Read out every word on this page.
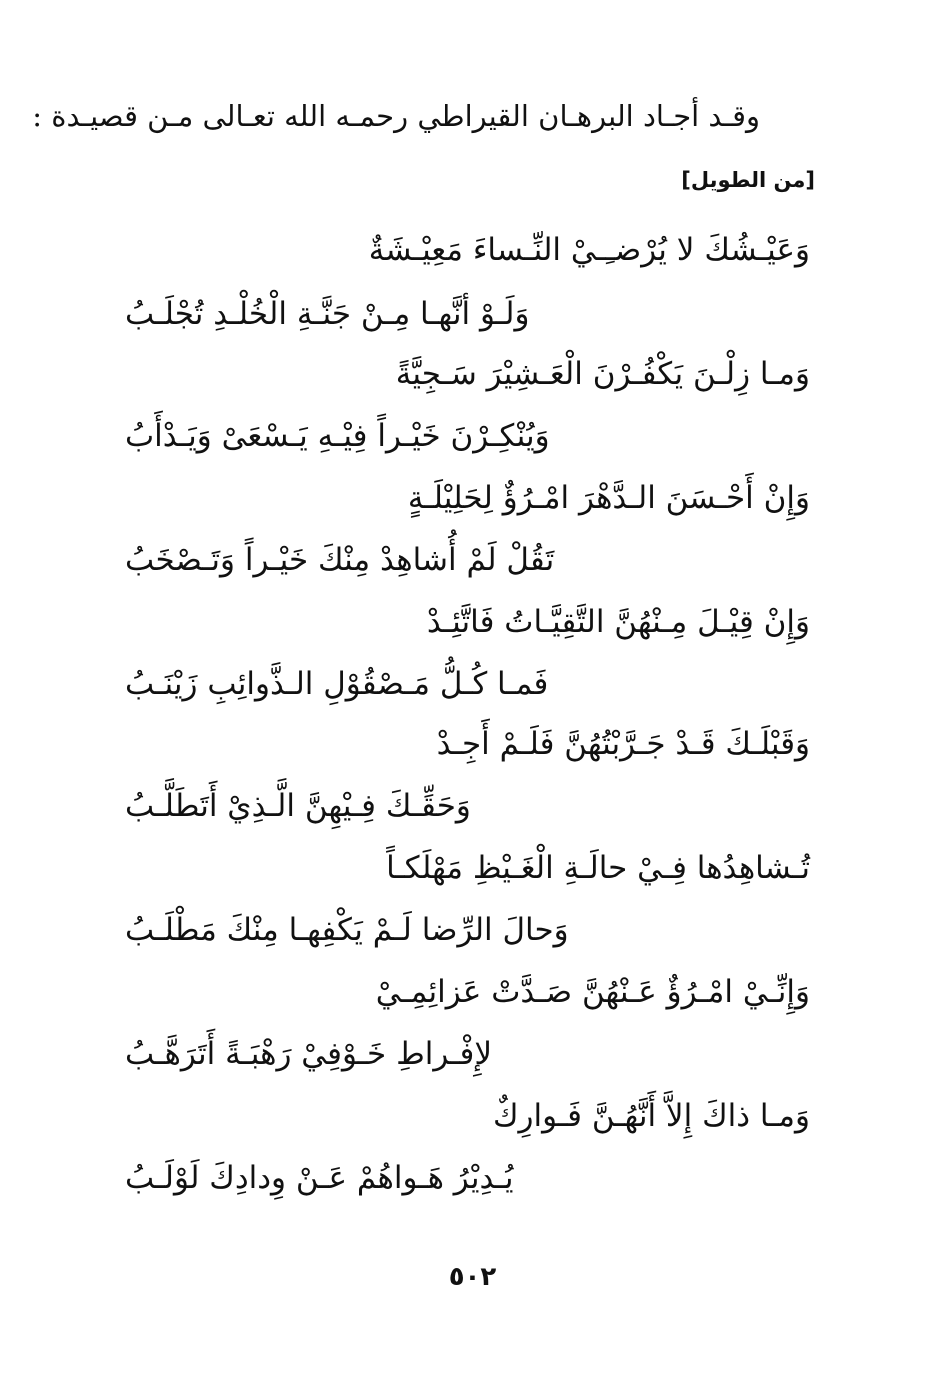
وقـد أجـاد البرهـان القيراطي رحمـه الله تعـالى مـن قصيـدة :
[من الطويل]
وَعَيْـشُكَ لا يُرْضـِـيْ النِّـساءَ مَعِيْـشَةٌ
وَلَـوْ أنَّهـا مِـنْ جَنَّـةِ الْخُلْـدِ تُجْلَـبُ
وَمـا زِلْـنَ يَكْفُـرْنَ الْعَـشِيْرَ سَـجِيَّةً
وَيُنْكِـرْنَ خَيْـراً فِيْـهِ يَـسْعَىْ وَيَـدْأَبُ
وَإِنْ أَحْـسَنَ الـدَّهْرَ امْـرُؤٌ لِحَلِيْلَـةٍ
تَقُلْ لَمْ أُشاهِدْ مِنْكَ خَيْـراً وَتَـصْخَبُ
وَإِنْ قِيْـلَ مِـنْهُنَّ التَّقِيَّـاتُ فَاتَّئِـدْ
فَمـا كُـلُّ مَـصْقُوْلِ الـذَّوائِبِ زَيْنَـبُ
وَقَبْلَـكَ قَـدْ جَـرَّبْتُهُنَّ فَلَـمْ أَجِـدْ
وَحَقِّـكَ فِـيْهِنَّ الَّـذِيْ أَتَطَلَّـبُ
تُـشاهِدُها فِـيْ حالَـةِ الْغَـيْظِ مَهْلَكـاً
وَحالَ الرِّضا لَـمْ يَكْفِهـا مِنْكَ مَطْلَـبُ
وَإِنِّـيْ امْـرُؤٌ عَـنْهُنَّ صَـدَّتْ عَزائِمِـيْ
لإِفْـراطِ خَـوْفِيْ رَهْبَـةً أَتَرَهَّـبُ
وَمـا ذاكَ إِلاَّ أَنَّهُـنَّ فَـوارِكٌ
يُـدِيْرُ هَـواهُمْ عَـنْ وِدادِكَ لَوْلَـبُ
٥٠٢
